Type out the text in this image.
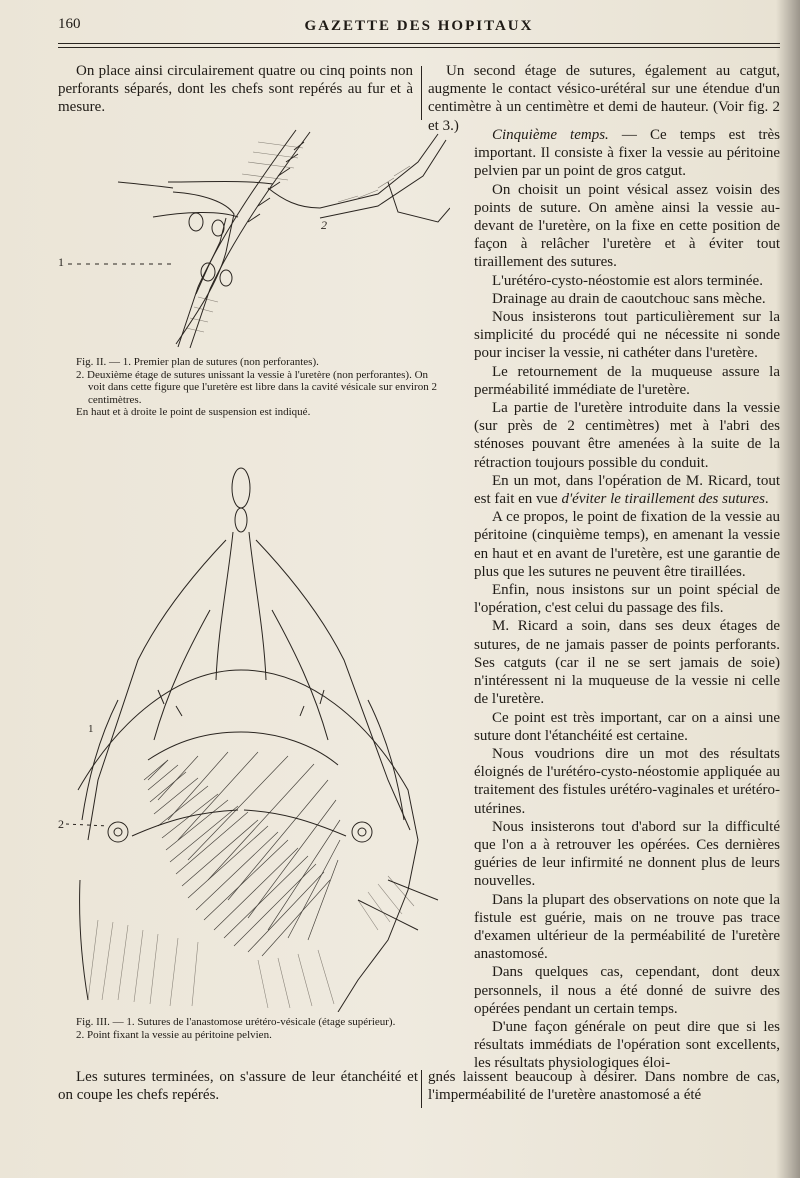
160	GAZETTE DES HOPITAUX

On place ainsi circulairement quatre ou cinq points non perforants séparés, dont les chefs sont repérés au fur et à mesure.

2
1

Fig. II. — 1. Premier plan de sutures (non perforantes).

2. Deuxième étage de sutures unissant la vessie à l'uretère (non perforantes). On voit dans cette figure que l'uretère est libre dans la cavité vésicale sur environ 2 centimètres.

En haut et à droite le point de suspension est indiqué.

1
2

Fig. III. — 1. Sutures de l'anastomose urétéro-vésicale (étage supérieur).

2. Point fixant la vessie au péritoine pelvien.

Les sutures terminées, on s'assure de leur étanchéité et on coupe les chefs repérés.

Un second étage de sutures, également au catgut, augmente le contact vésico-urétéral sur une étendue d'un centimètre à un centimètre et demi de hauteur. (Voir fig. 2 et 3.)

Cinquième temps. — Ce temps est très important. Il consiste à fixer la vessie au péritoine pelvien par un point de gros catgut.

On choisit un point vésical assez voisin des points de suture. On amène ainsi la vessie au-devant de l'uretère, on la fixe en cette position de façon à relâcher l'uretère et à éviter tout tiraillement des sutures.

L'urétéro-cysto-néostomie est alors terminée.

Drainage au drain de caoutchouc sans mèche.

Nous insisterons tout particulièrement sur la simplicité du procédé qui ne nécessite ni sonde pour inciser la vessie, ni cathéter dans l'uretère.

Le retournement de la muqueuse assure la perméabilité immédiate de l'uretère.

La partie de l'uretère introduite dans la vessie (sur près de 2 centimètres) met à l'abri des sténoses pouvant être amenées à la suite de la rétraction toujours possible du conduit.

En un mot, dans l'opération de M. Ricard, tout est fait en vue d'éviter le tiraillement des sutures.

A ce propos, le point de fixation de la vessie au péritoine (cinquième temps), en amenant la vessie en haut et en avant de l'uretère, est une garantie de plus que les sutures ne peuvent être tiraillées.

Enfin, nous insistons sur un point spécial de l'opération, c'est celui du passage des fils.

M. Ricard a soin, dans ses deux étages de sutures, de ne jamais passer de points perforants. Ses catguts (car il ne se sert jamais de soie) n'intéressent ni la muqueuse de la vessie ni celle de l'uretère.

Ce point est très important, car on a ainsi une suture dont l'étanchéité est certaine.

Nous voudrions dire un mot des résultats éloignés de l'urétéro-cysto-néostomie appliquée au traitement des fistules urétéro-vaginales et urétéro-utérines.

Nous insisterons tout d'abord sur la difficulté que l'on a à retrouver les opérées. Ces dernières guéries de leur infirmité ne donnent plus de leurs nouvelles.

Dans la plupart des observations on note que la fistule est guérie, mais on ne trouve pas trace d'examen ultérieur de la perméabilité de l'uretère anastomosé.

Dans quelques cas, cependant, dont deux personnels, il nous a été donné de suivre des opérées pendant un certain temps.

D'une façon générale on peut dire que si les résultats immédiats de l'opération sont excellents, les résultats physiologiques éloi-

gnés laissent beaucoup à désirer. Dans nombre de cas, l'imperméabilité de l'uretère anastomosé a été
